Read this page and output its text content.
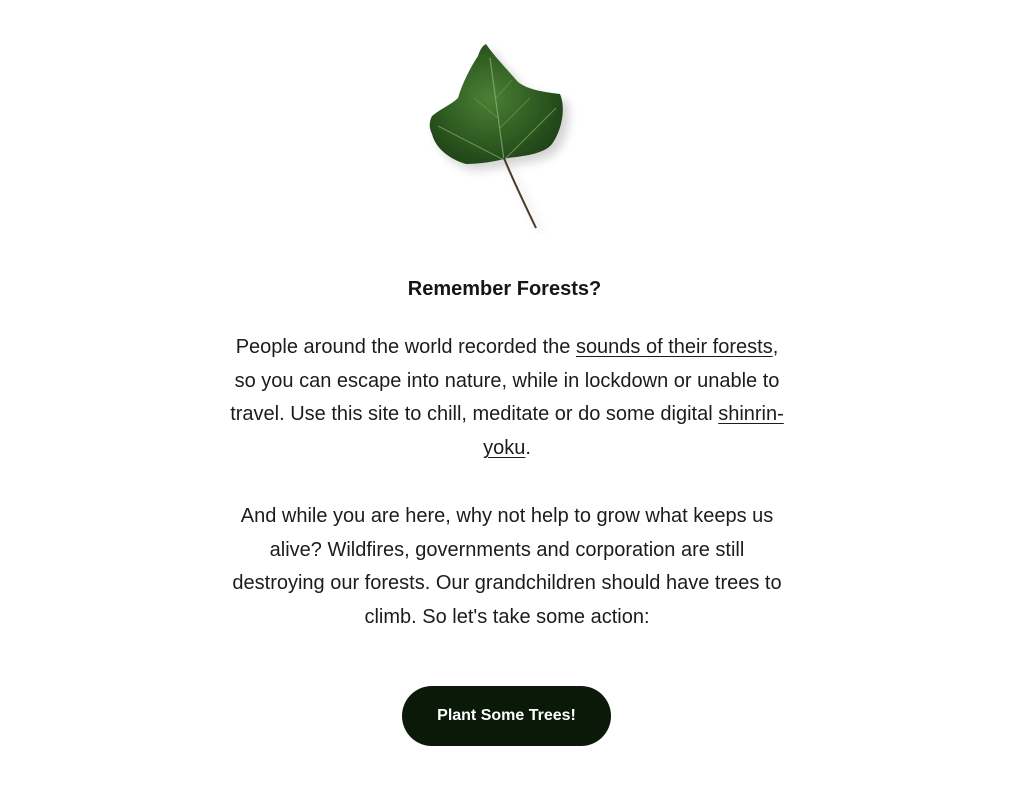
Remember Forests?

People around the world recorded the sounds of their forests, so you can escape into nature, while in lockdown or unable to travel. Use this site to chill, meditate or do some digital shinrin-yoku.

And while you are here, why not help to grow what keeps us alive? Wildfires, governments and corporation are still destroying our forests. Our grandchildren should have trees to climb. So let's take some action:

Plant Some Trees!
